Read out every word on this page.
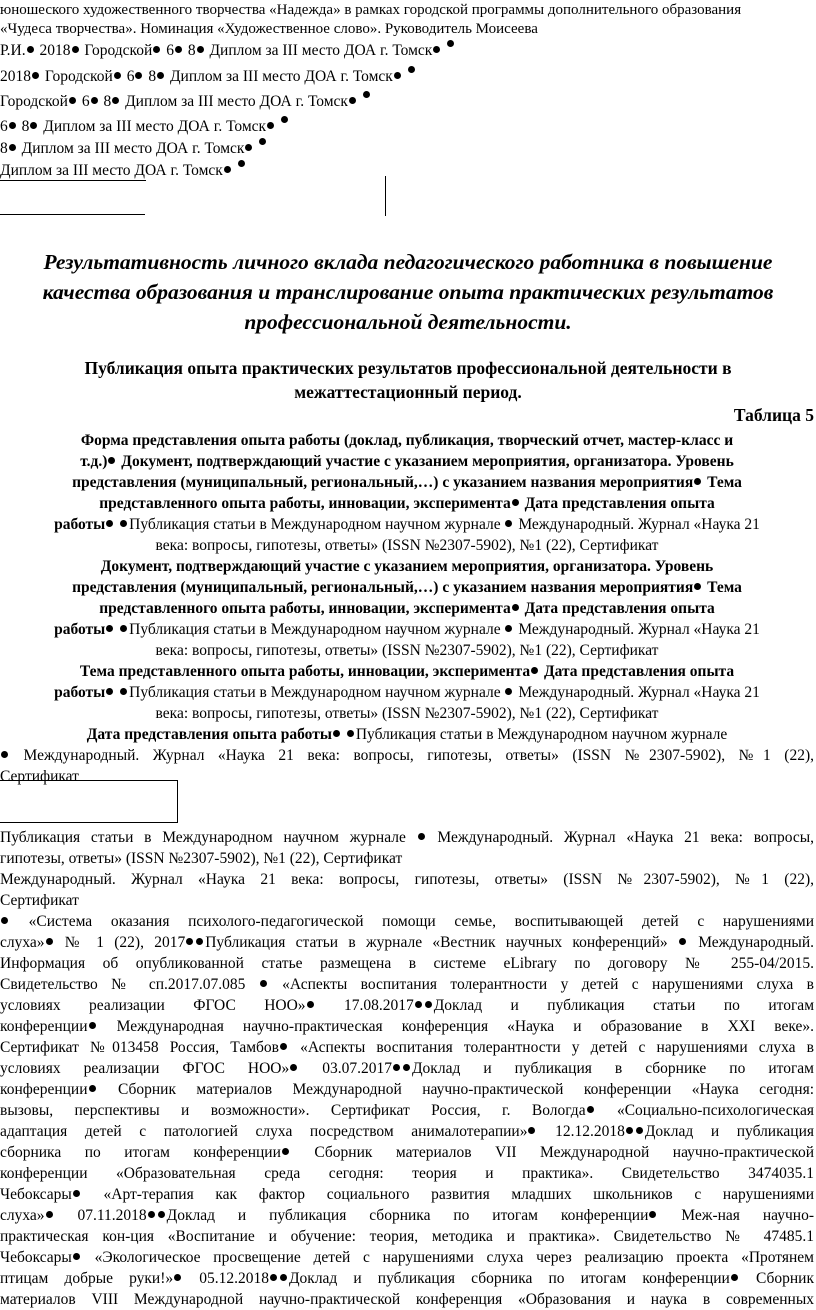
юношеского художественного творчества «Надежда» в рамках городской программы дополнительного образования
«Чудеса творчества». Номинация «Художественное слово». Руководитель Моисеева
Р.И. 2018 Городской 6 8 Диплом за III место ДОА г. Томск
2018 Городской 6 8 Диплом за III место ДОА г. Томск
Городской 6 8 Диплом за III место ДОА г. Томск
6 8 Диплом за III место ДОА г. Томск
8 Диплом за III место ДОА г. Томск
Диплом за III место ДОА г. Томск
Результативность личного вклада педагогического работника в повышение
качества образования и транслирование опыта практических результатов
профессиональной деятельности.
Публикация опыта практических результатов профессиональной деятельности в
межаттестационный период.
Таблица 5
Форма представления опыта работы (доклад, публикация, творческий отчет, мастер-класс и
т.д.) Документ, подтверждающий участие с указанием мероприятия, организатора. Уровень
представления (муниципальный, региональный,…) с указанием названия мероприятия Тема
представленного опыта работы, инновации, эксперимента Дата представления опыта
работы Публикация статьи в Международном научном журнале  Международный. Журнал «Наука 21
века: вопросы, гипотезы, ответы» (ISSN №2307-5902), №1 (22), Сертификат
Документ, подтверждающий участие с указанием мероприятия, организатора. Уровень
представления (муниципальный, региональный,…) с указанием названия мероприятия Тема
представленного опыта работы, инновации, эксперимента Дата представления опыта
работы Публикация статьи в Международном научном журнале  Международный. Журнал «Наука 21
века: вопросы, гипотезы, ответы» (ISSN №2307-5902), №1 (22), Сертификат
Тема представленного опыта работы, инновации, эксперимента Дата представления опыта
работы Публикация статьи в Международном научном журнале  Международный. Журнал «Наука 21
века: вопросы, гипотезы, ответы» (ISSN №2307-5902), №1 (22), Сертификат
Дата представления опыта работы Публикация статьи в Международном научном журнале
Международный. Журнал «Наука 21 века: вопросы, гипотезы, ответы» (ISSN №2307-5902), №1 (22),
Сертификат
Публикация статьи в Международном научном журнале  Международный. Журнал «Наука 21 века: вопросы,
гипотезы, ответы» (ISSN №2307-5902), №1 (22), Сертификат
Международный. Журнал «Наука 21 века: вопросы, гипотезы, ответы» (ISSN №2307-5902), №1 (22),
Сертификат
«Система оказания психолого-педагогической помощи семье, воспитывающей детей с нарушениями
слуха» № 1 (22), 2017 Публикация статьи в журнале «Вестник научных конференций»  Международный.
Информация об опубликованной статье размещена в системе eLibrary по договору № 255-04/2015.
Свидетельство № сп.2017.07.085  «Аспекты воспитания толерантности у детей с нарушениями слуха в
условиях реализации ФГОС НОО» 17.08.2017 Доклад и публикация статьи по итогам
конференции Международная научно-практическая конференция «Наука и образование в XXI веке».
Сертификат №013458 Россия, Тамбов «Аспекты воспитания толерантности у детей с нарушениями слуха в
условиях реализации ФГОС НОО» 03.07.2017 Доклад и публикация в сборнике по итогам
конференции Сборник материалов Международной научно-практической конференции «Наука сегодня:
вызовы, перспективы и возможности». Сертификат Россия, г. Вологда «Социально-психологическая
адаптация детей с патологией слуха посредством анималотерапии» 12.12.2018 Доклад и публикация
сборника по итогам конференции Сборник материалов VII Международной научно-практической
конференции «Образовательная среда сегодня: теория и практика». Свидетельство 3474035.1
Чебоксары «Арт-терапия как фактор социального развития младших школьников с нарушениями
слуха» 07.11.2018 Доклад и публикация сборника по итогам конференции Меж-ная научно-
практическая кон-ция «Воспитание и обучение: теория, методика и практика». Свидетельство № 47485.1
Чебоксары «Экологическое просвещение детей с нарушениями слуха через реализацию проекта «Протянем
птицам добрые руки!» 05.12.2018 Доклад и публикация сборника по итогам конференции Сборник
материалов VIII Международной научно-практической конференция «Образования и наука в современных
